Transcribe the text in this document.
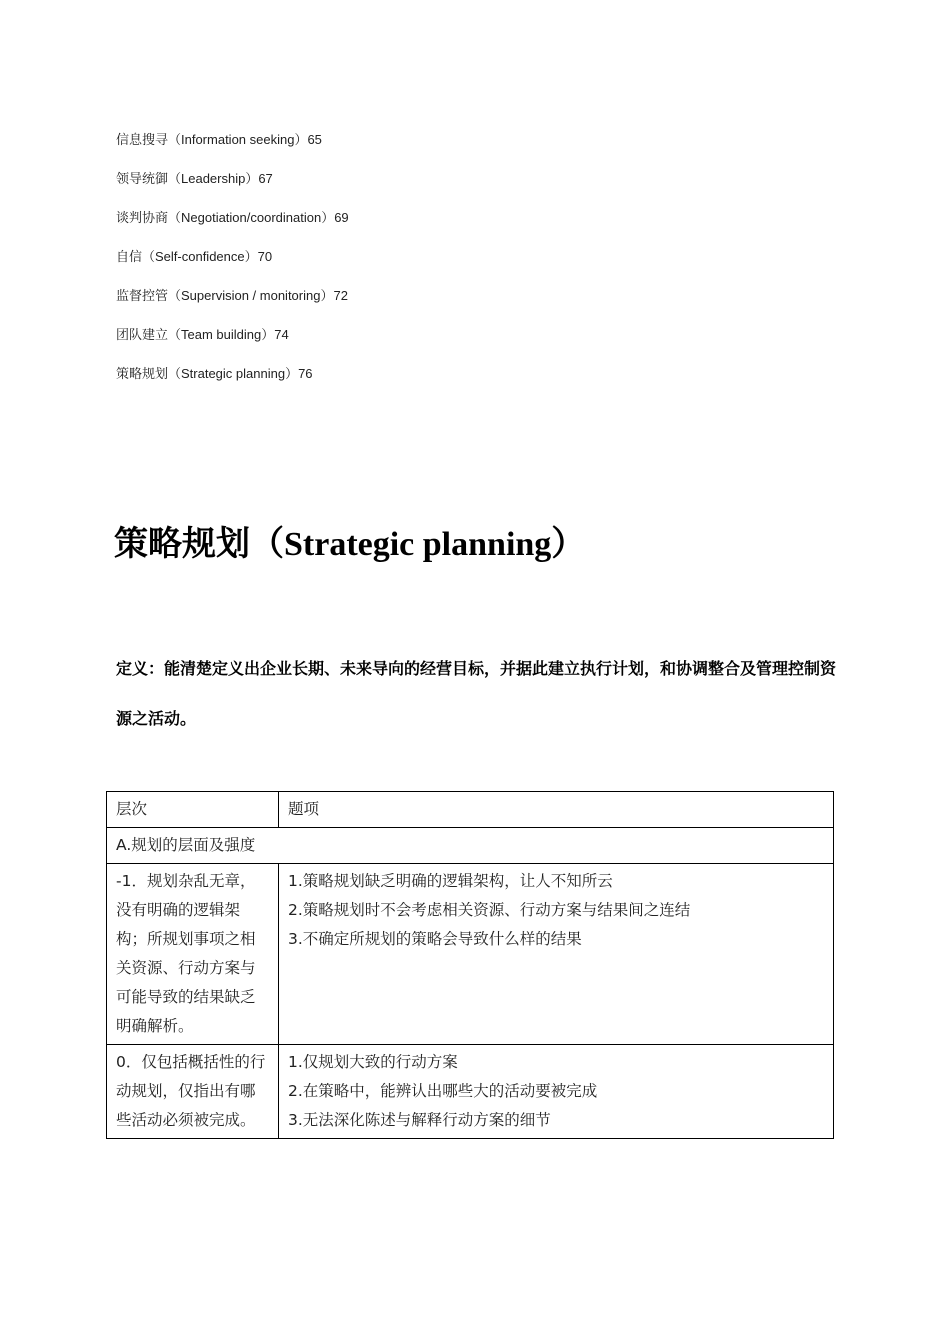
信息搜寻（Information seeking）65
领导统御（Leadership）67
谈判协商（Negotiation/coordination）69
自信（Self-confidence）70
监督控管（Supervision / monitoring）72
团队建立（Team building）74
策略规划（Strategic planning）76
策略规划（Strategic planning）

定义：能清楚定义出企业长期、未来导向的经营目标，并据此建立执行计划，和协调整合及管理控制资源之活动。

层次	题项
A.规划的层面及强度	
-1．规划杂乱无章，没有明确的逻辑架构；所规划事项之相关资源、行动方案与可能导致的结果缺乏明确解析。	1.策略规划缺乏明确的逻辑架构，让人不知所云
2.策略规划时不会考虑相关资源、行动方案与结果间之连结
3.不确定所规划的策略会导致什么样的结果

0．仅包括概括性的行动规划，仅指出有哪些活动必须被完成。	1.仅规划大致的行动方案
2.在策略中，能辨认出哪些大的活动要被完成
3.无法深化陈述与解释行动方案的细节
